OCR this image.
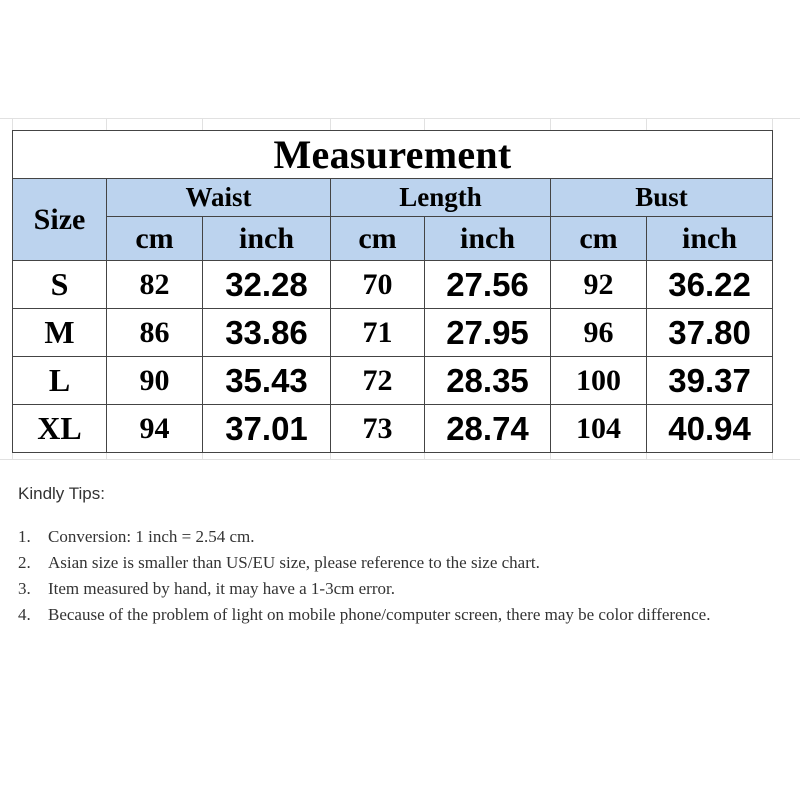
Measurement						
Size	Waist		Length		Bust	
	cm	inch	cm	inch	cm	inch
S	82	32.28	70	27.56	92	36.22
M	86	33.86	71	27.95	96	37.80
L	90	35.43	72	28.35	100	39.37
XL	94	37.01	73	28.74	104	40.94
Kindly Tips:
1. Conversion: 1 inch = 2.54 cm.
2. Asian size is smaller than US/EU size, please reference to the size chart.
3. Item measured by hand, it may have a 1-3cm error.
4. Because of the problem of light on mobile phone/computer screen, there may be color difference.
